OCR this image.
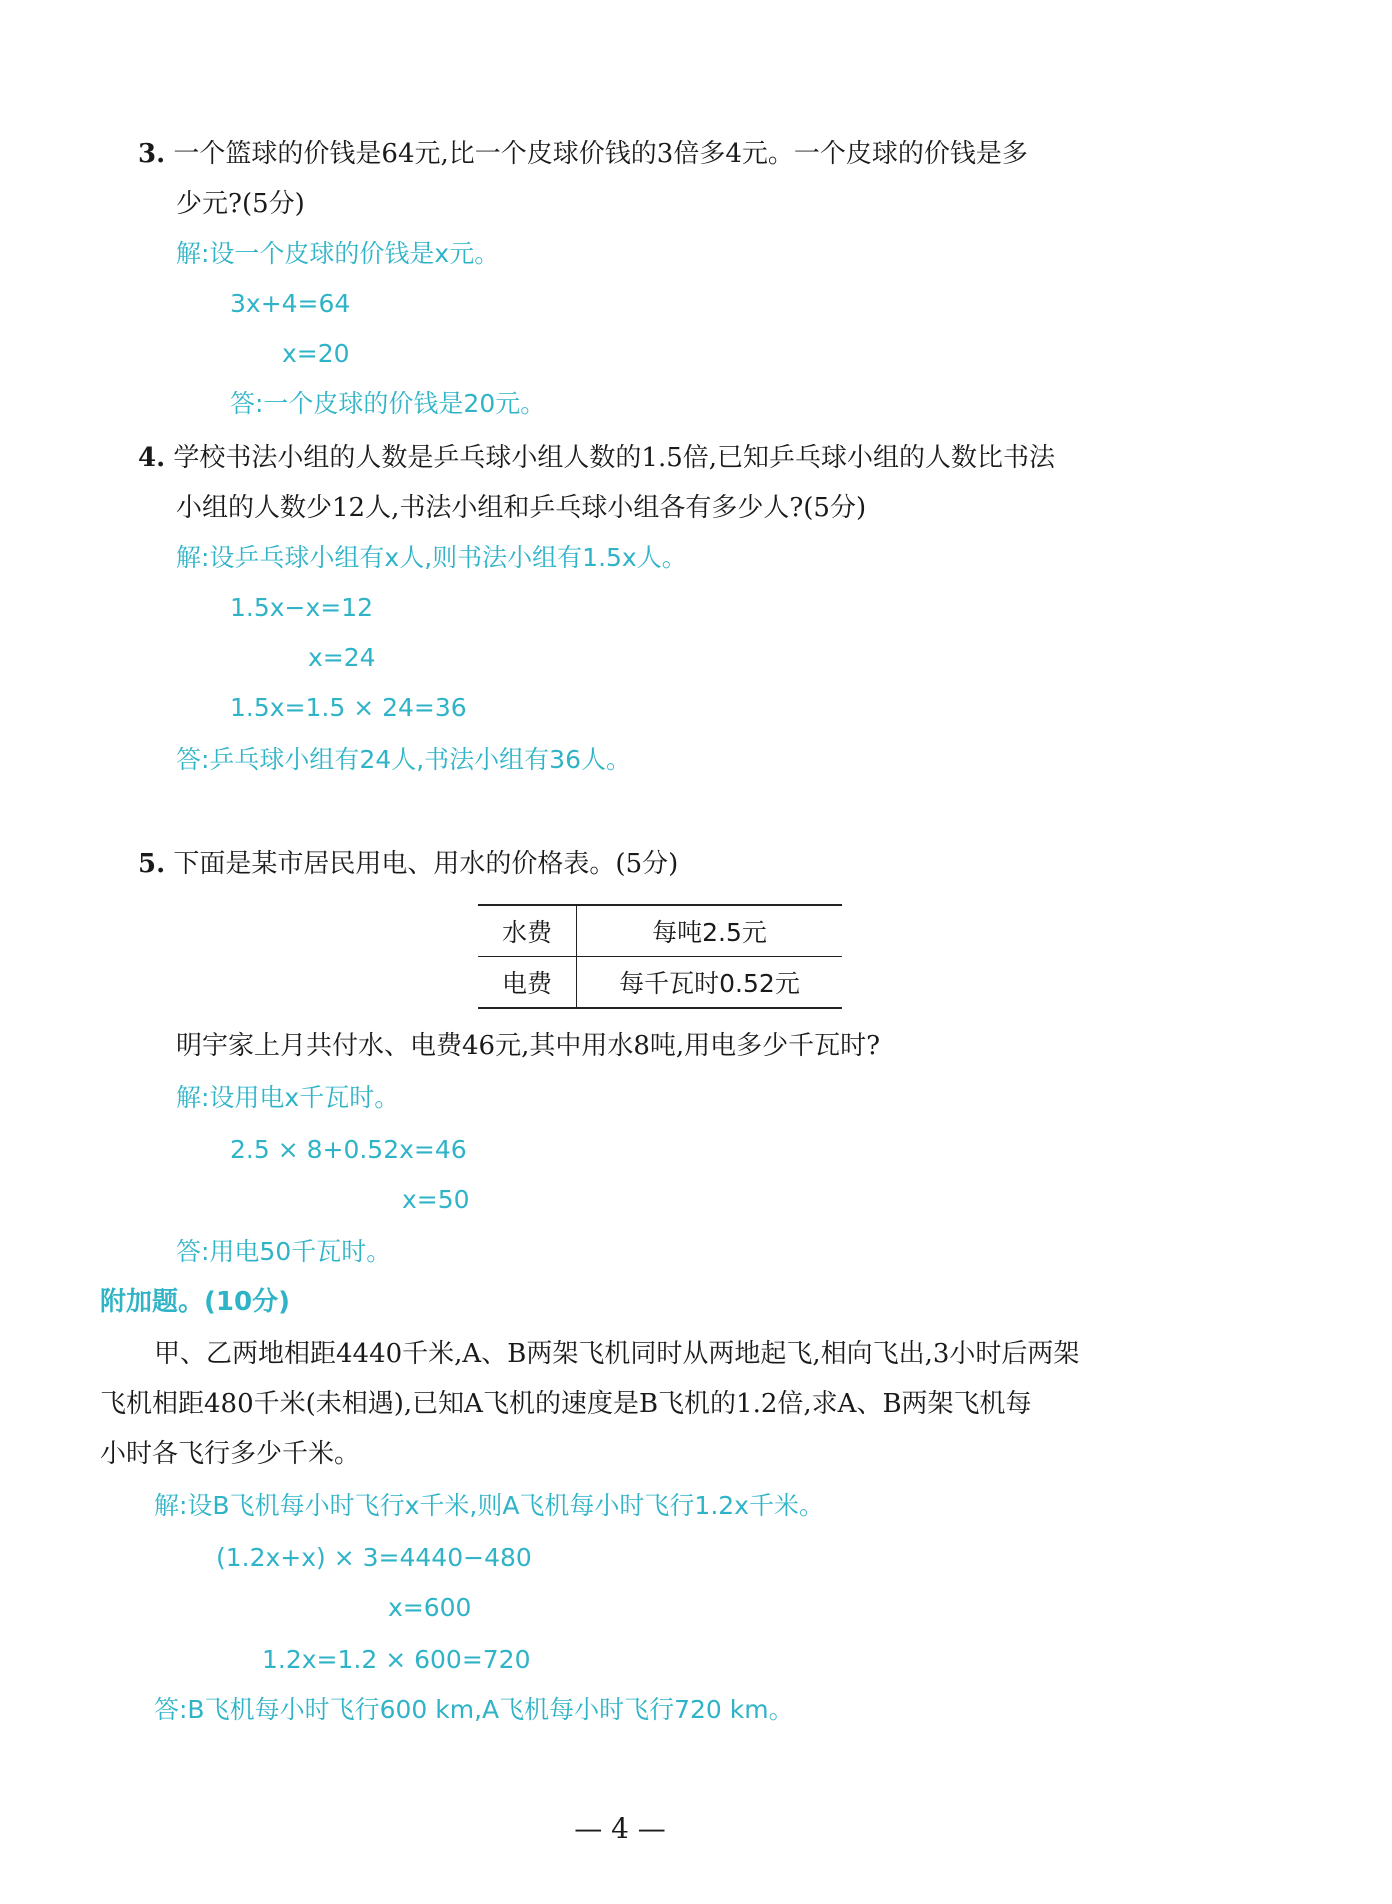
3. 一个篮球的价钱是64元,比一个皮球价钱的3倍多4元。一个皮球的价钱是多
少元?(5分)
解:设一个皮球的价钱是x元。
3x+4=64
x=20
答:一个皮球的价钱是20元。
4. 学校书法小组的人数是乒乓球小组人数的1.5倍,已知乒乓球小组的人数比书法
小组的人数少12人,书法小组和乒乓球小组各有多少人?(5分)
解:设乒乓球小组有x人,则书法小组有1.5x人。
1.5x−x=12
x=24
1.5x=1.5 × 24=36
答:乒乓球小组有24人,书法小组有36人。
5. 下面是某市居民用电、用水的价格表。(5分)
水费	每吨2.5元
电费	每千瓦时0.52元
明宇家上月共付水、电费46元,其中用水8吨,用电多少千瓦时?
解:设用电x千瓦时。
2.5 × 8+0.52x=46
x=50
答:用电50千瓦时。
附加题。(10分)
甲、乙两地相距4440千米,A、B两架飞机同时从两地起飞,相向飞出,3小时后两架
飞机相距480千米(未相遇),已知A飞机的速度是B飞机的1.2倍,求A、B两架飞机每
小时各飞行多少千米。
解:设B飞机每小时飞行x千米,则A飞机每小时飞行1.2x千米。
(1.2x+x) × 3=4440−480
x=600
1.2x=1.2 × 600=720
答:B飞机每小时飞行600 km,A飞机每小时飞行720 km。
— 4 —
